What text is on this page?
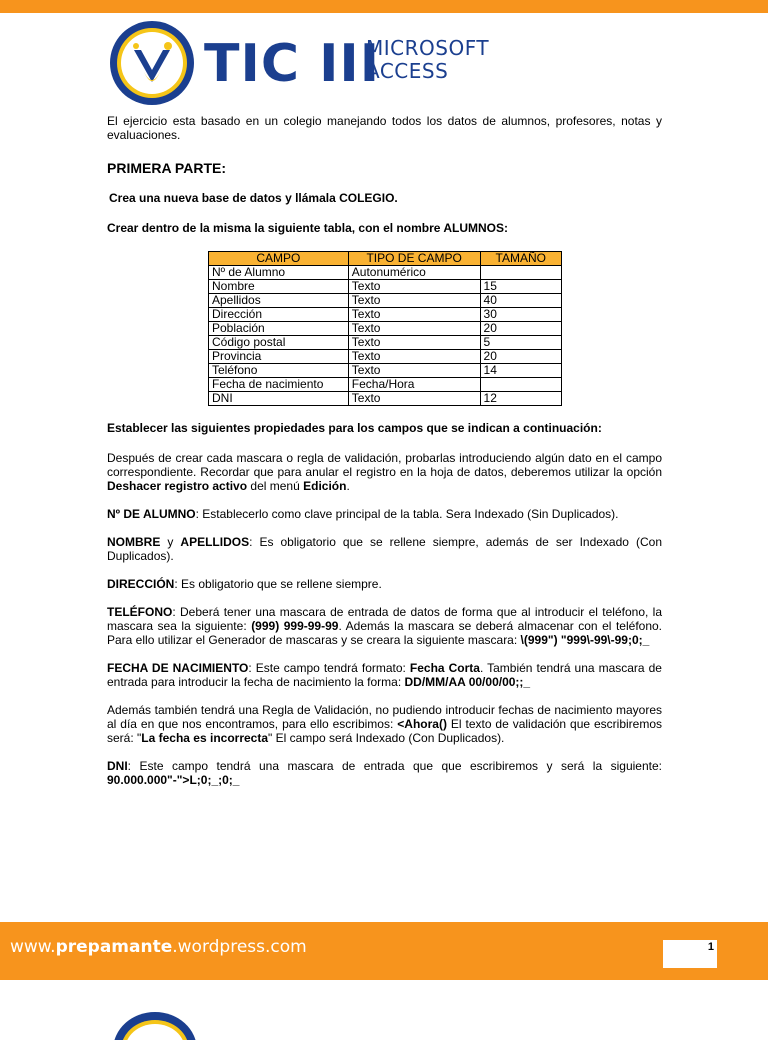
TIC III
MICROSOFT
ACCESS

El ejercicio esta basado en un colegio manejando todos los datos de alumnos, profesores, notas y evaluaciones.

PRIMERA PARTE:

Crea una nueva base de datos y llámala COLEGIO.

Crear dentro de la misma la siguiente tabla, con el nombre ALUMNOS:

CAMPO	TIPO DE CAMPO	TAMAÑO
Nº de Alumno	Autonumérico	
Nombre	Texto	15
Apellidos	Texto	40
Dirección	Texto	30
Población	Texto	20
Código postal	Texto	5
Provincia	Texto	20
Teléfono	Texto	14
Fecha de nacimiento	Fecha/Hora	
DNI	Texto	12

Establecer las siguientes propiedades para los campos que se indican a continuación:

Después de crear cada mascara o regla de validación, probarlas introduciendo algún dato en el campo correspondiente. Recordar que para anular el registro en la hoja de datos, deberemos utilizar la opción Deshacer registro activo del menú Edición.

Nº DE ALUMNO: Establecerlo como clave principal de la tabla. Sera Indexado (Sin Duplicados).

NOMBRE y APELLIDOS: Es obligatorio que se rellene siempre, además de ser Indexado (Con Duplicados).

DIRECCIÓN: Es obligatorio que se rellene siempre.

TELÉFONO: Deberá tener una mascara de entrada de datos de forma que al introducir el teléfono, la mascara sea la siguiente: (999) 999-99-99. Además la mascara se deberá almacenar con el teléfono. Para ello utilizar el Generador de mascaras y se creara la siguiente mascara: \(999") "999\-99\-99;0;_

FECHA DE NACIMIENTO: Este campo tendrá formato: Fecha Corta. También tendrá una mascara de entrada para introducir la fecha de nacimiento la forma: DD/MM/AA 00/00/00;;_

Además también tendrá una Regla de Validación, no pudiendo introducir fechas de nacimiento mayores al día en que nos encontramos, para ello escribimos: <Ahora() El texto de validación que escribiremos será: "La fecha es incorrecta" El campo será Indexado (Con Duplicados).

DNI: Este campo tendrá una mascara de entrada que que escribiremos y será la siguiente: 90.000.000"-">L;0;_;0;_

www.prepamante.wordpress.com	1
